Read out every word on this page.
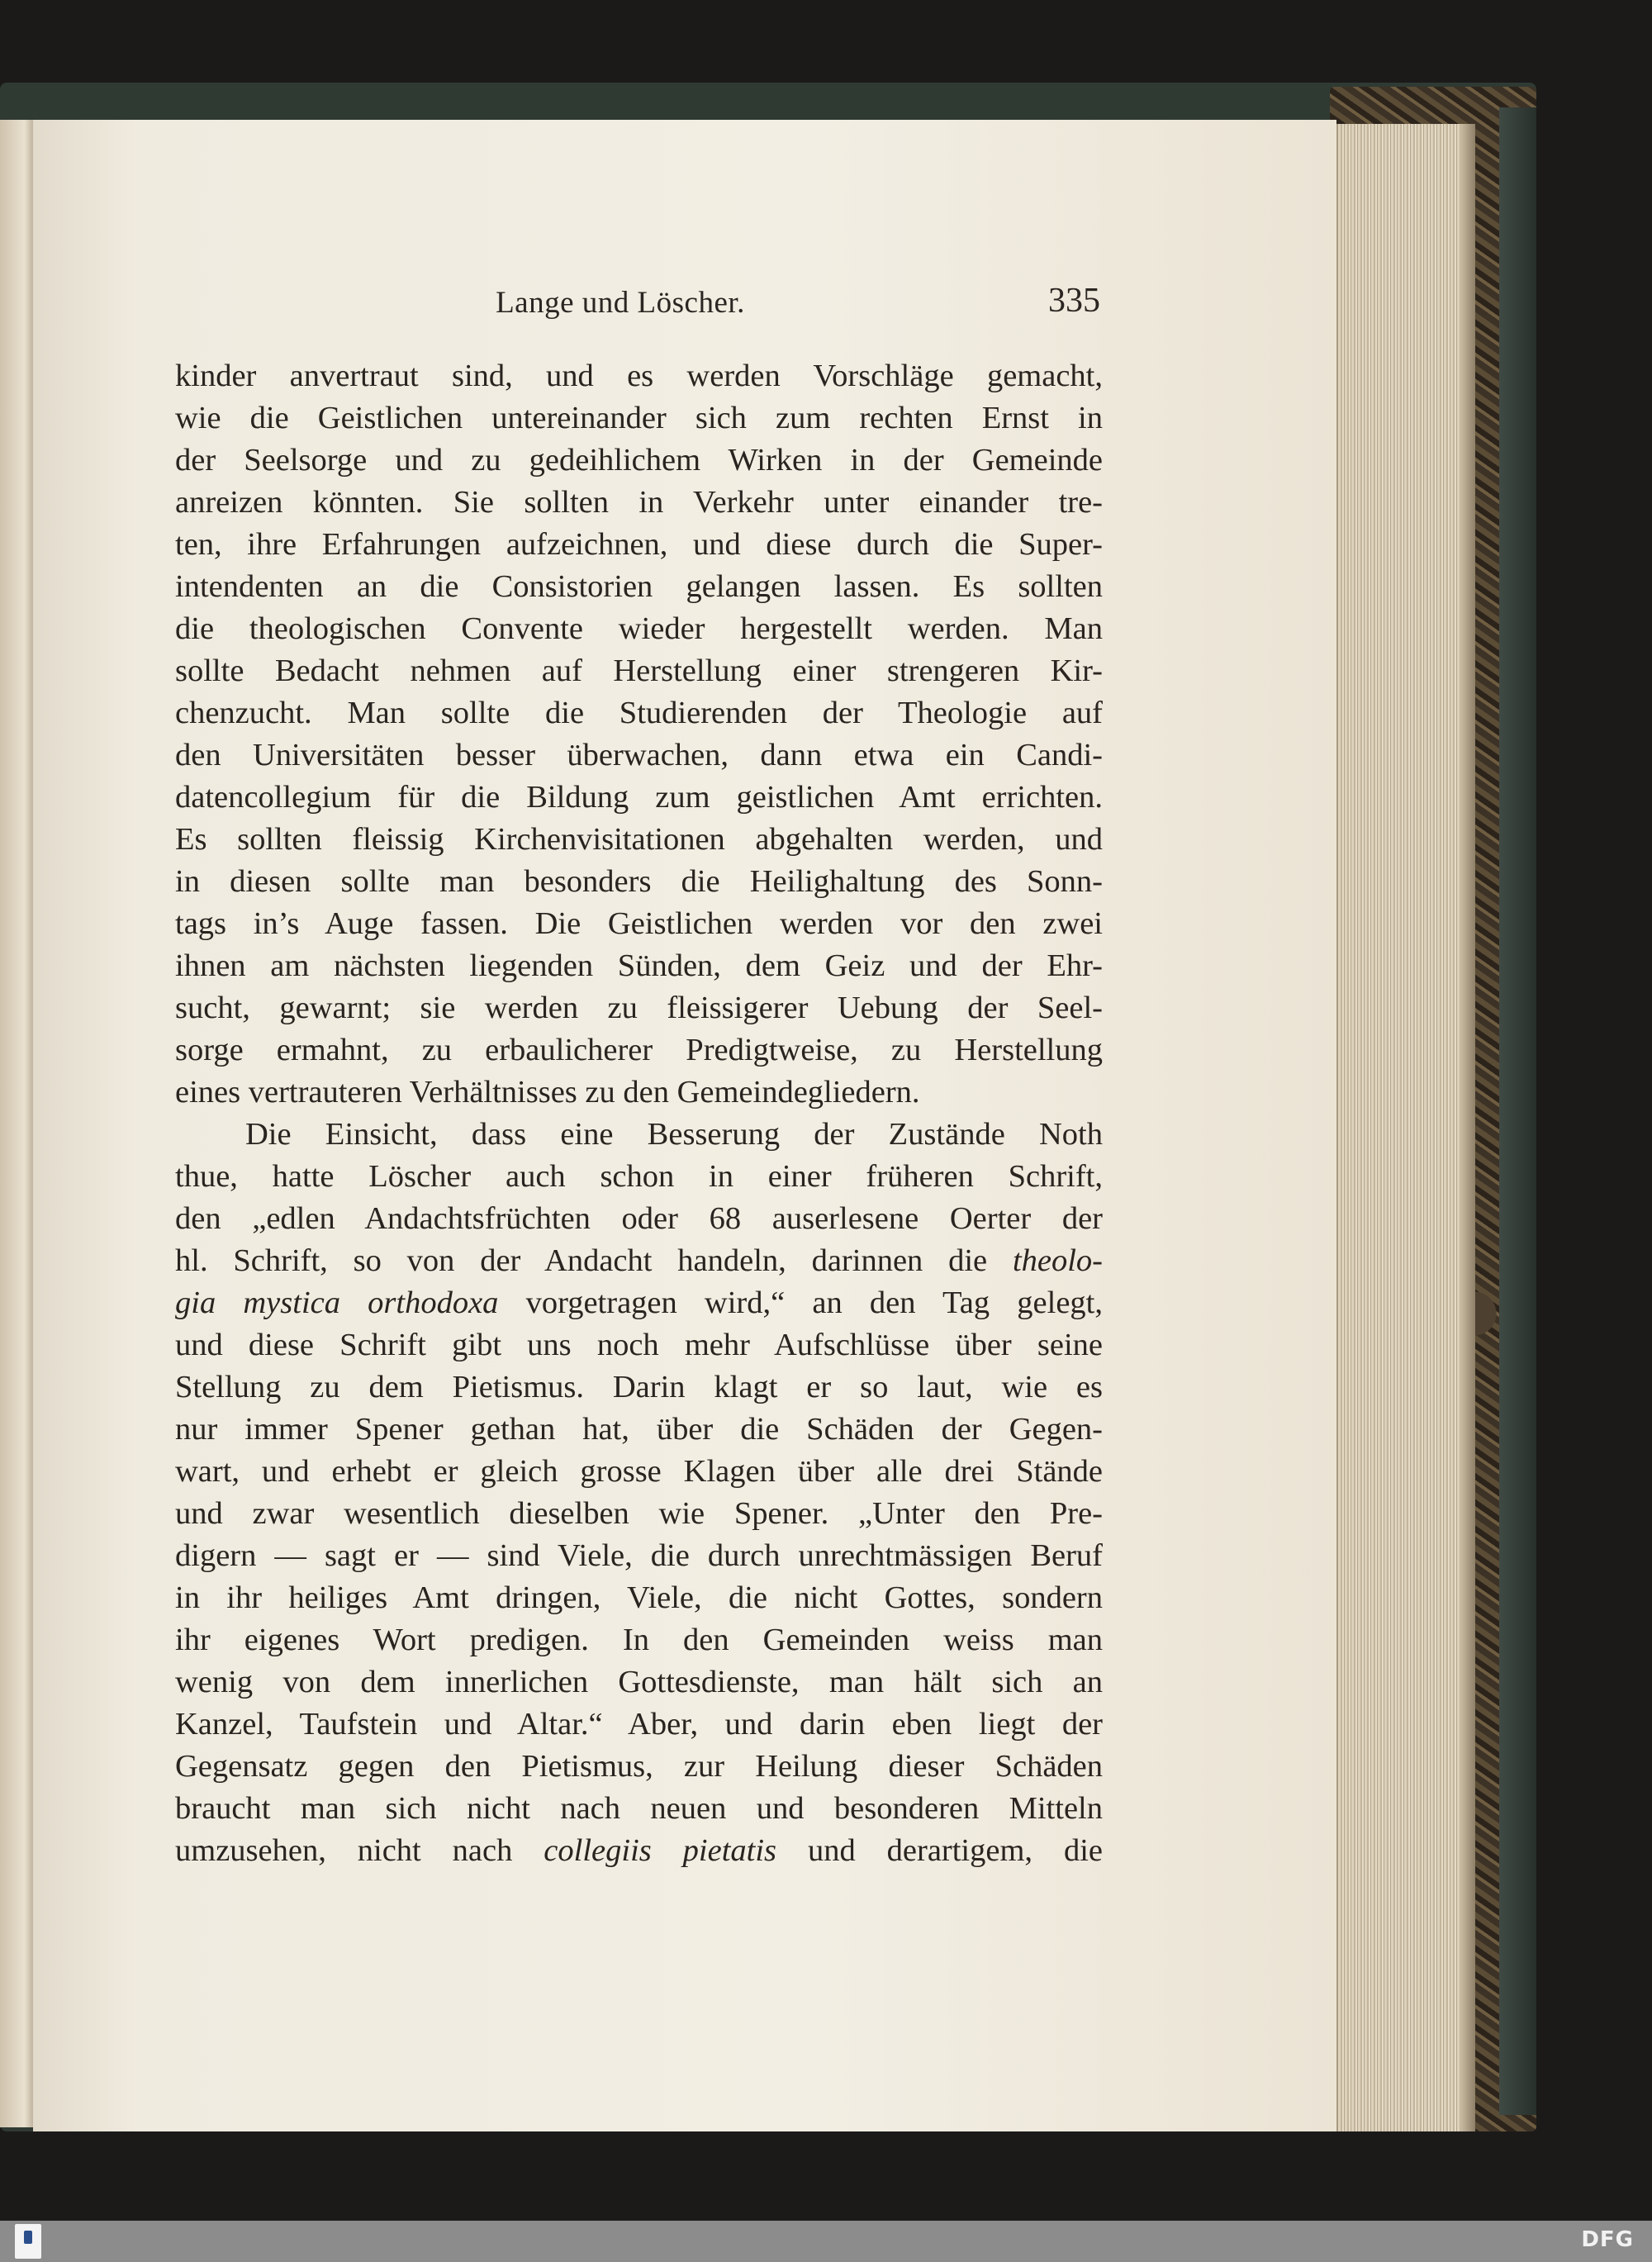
Lange und Löscher.	335
kinder anvertraut sind, und es werden Vorschläge gemacht,
wie die Geistlichen untereinander sich zum rechten Ernst in
der Seelsorge und zu gedeihlichem Wirken in der Gemeinde
anreizen könnten. Sie sollten in Verkehr unter einander tre-
ten, ihre Erfahrungen aufzeichnen, und diese durch die Super-
intendenten an die Consistorien gelangen lassen. Es sollten
die theologischen Convente wieder hergestellt werden. Man
sollte Bedacht nehmen auf Herstellung einer strengeren Kir-
chenzucht. Man sollte die Studierenden der Theologie auf
den Universitäten besser überwachen, dann etwa ein Candi-
datencollegium für die Bildung zum geistlichen Amt errichten.
Es sollten fleissig Kirchenvisitationen abgehalten werden, und
in diesen sollte man besonders die Heilighaltung des Sonn-
tags in’s Auge fassen. Die Geistlichen werden vor den zwei
ihnen am nächsten liegenden Sünden, dem Geiz und der Ehr-
sucht, gewarnt; sie werden zu fleissigerer Uebung der Seel-
sorge ermahnt, zu erbaulicherer Predigtweise, zu Herstellung
eines vertrauteren Verhältnisses zu den Gemeindegliedern.
Die Einsicht, dass eine Besserung der Zustände Noth
thue, hatte Löscher auch schon in einer früheren Schrift,
den „edlen Andachtsfrüchten oder 68 auserlesene Oerter der
hl. Schrift, so von der Andacht handeln, darinnen die theolo-
gia mystica orthodoxa vorgetragen wird,“ an den Tag gelegt,
und diese Schrift gibt uns noch mehr Aufschlüsse über seine
Stellung zu dem Pietismus. Darin klagt er so laut, wie es
nur immer Spener gethan hat, über die Schäden der Gegen-
wart, und erhebt er gleich grosse Klagen über alle drei Stände
und zwar wesentlich dieselben wie Spener. „Unter den Pre-
digern — sagt er — sind Viele, die durch unrechtmässigen Beruf
in ihr heiliges Amt dringen, Viele, die nicht Gottes, sondern
ihr eigenes Wort predigen. In den Gemeinden weiss man
wenig von dem innerlichen Gottesdienste, man hält sich an
Kanzel, Taufstein und Altar.“ Aber, und darin eben liegt der
Gegensatz gegen den Pietismus, zur Heilung dieser Schäden
braucht man sich nicht nach neuen und besonderen Mitteln
umzusehen, nicht nach collegiis pietatis und derartigem, die
DFG
